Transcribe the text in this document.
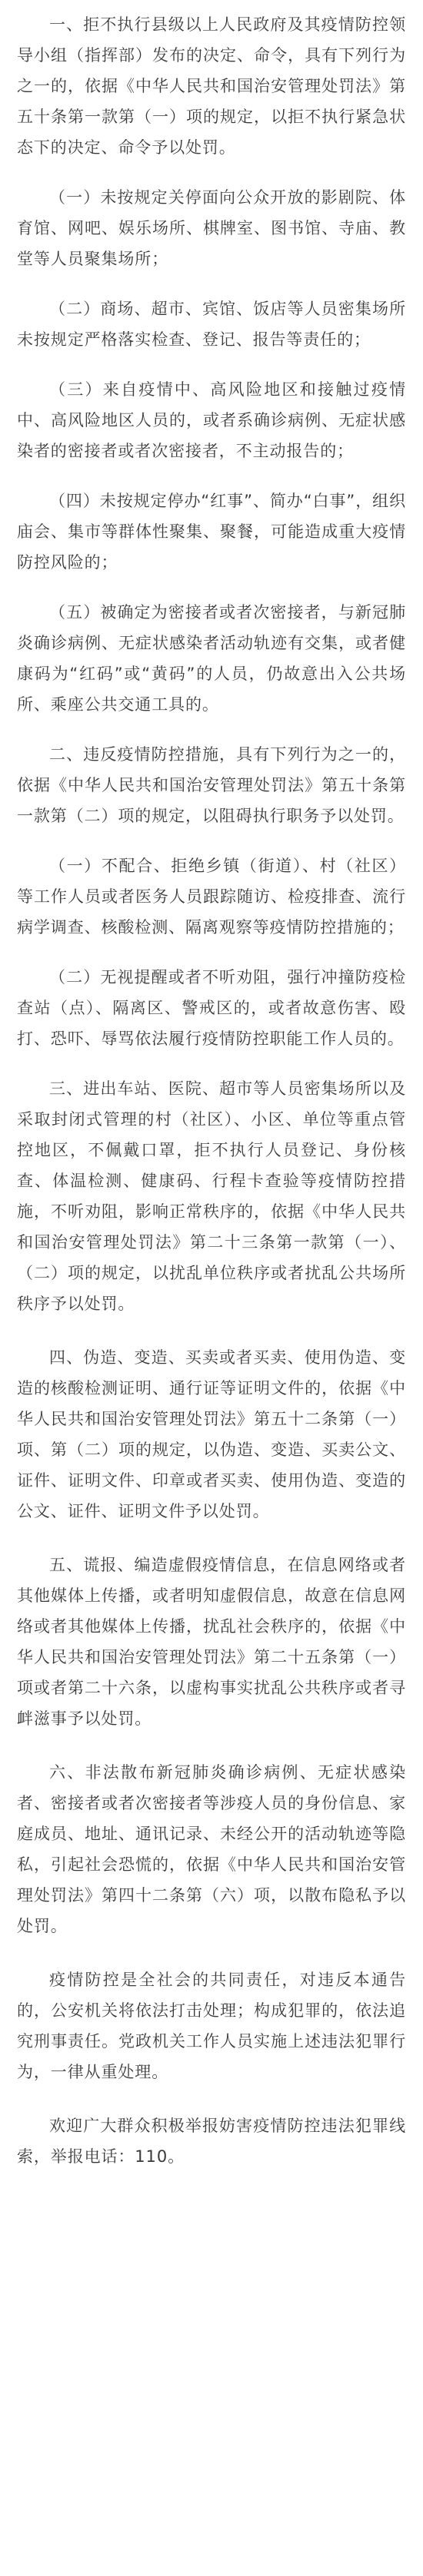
一、拒不执行县级以上人民政府及其疫情防控领导小组（指挥部）发布的决定、命令，具有下列行为之一的，依据《中华人民共和国治安管理处罚法》第五十条第一款第（一）项的规定，以拒不执行紧急状态下的决定、命令予以处罚。

（一）未按规定关停面向公众开放的影剧院、体育馆、网吧、娱乐场所、棋牌室、图书馆、寺庙、教堂等人员聚集场所；

（二）商场、超市、宾馆、饭店等人员密集场所未按规定严格落实检查、登记、报告等责任的；

（三）来自疫情中、高风险地区和接触过疫情中、高风险地区人员的，或者系确诊病例、无症状感染者的密接者或者次密接者，不主动报告的；

（四）未按规定停办“红事”、简办“白事”，组织庙会、集市等群体性聚集、聚餐，可能造成重大疫情防控风险的；

（五）被确定为密接者或者次密接者，与新冠肺炎确诊病例、无症状感染者活动轨迹有交集，或者健康码为“红码”或“黄码”的人员，仍故意出入公共场所、乘座公共交通工具的。

二、违反疫情防控措施，具有下列行为之一的，依据《中华人民共和国治安管理处罚法》第五十条第一款第（二）项的规定，以阻碍执行职务予以处罚。

（一）不配合、拒绝乡镇（街道）、村（社区）等工作人员或者医务人员跟踪随访、检疫排查、流行病学调查、核酸检测、隔离观察等疫情防控措施的；

（二）无视提醒或者不听劝阻，强行冲撞防疫检查站（点）、隔离区、警戒区的，或者故意伤害、殴打、恐吓、辱骂依法履行疫情防控职能工作人员的。

三、进出车站、医院、超市等人员密集场所以及采取封闭式管理的村（社区）、小区、单位等重点管控地区，不佩戴口罩，拒不执行人员登记、身份核查、体温检测、健康码、行程卡查验等疫情防控措施，不听劝阻，影响正常秩序的，依据《中华人民共和国治安管理处罚法》第二十三条第一款第（一）、（二）项的规定，以扰乱单位秩序或者扰乱公共场所秩序予以处罚。

四、伪造、变造、买卖或者买卖、使用伪造、变造的核酸检测证明、通行证等证明文件的，依据《中华人民共和国治安管理处罚法》第五十二条第（一）项、第（二）项的规定，以伪造、变造、买卖公文、证件、证明文件、印章或者买卖、使用伪造、变造的公文、证件、证明文件予以处罚。

五、谎报、编造虚假疫情信息，在信息网络或者其他媒体上传播，或者明知虚假信息，故意在信息网络或者其他媒体上传播，扰乱社会秩序的，依据《中华人民共和国治安管理处罚法》第二十五条第（一）项或者第二十六条，以虚构事实扰乱公共秩序或者寻衅滋事予以处罚。

六、非法散布新冠肺炎确诊病例、无症状感染者、密接者或者次密接者等涉疫人员的身份信息、家庭成员、地址、通讯记录、未经公开的活动轨迹等隐私，引起社会恐慌的，依据《中华人民共和国治安管理处罚法》第四十二条第（六）项，以散布隐私予以处罚。

疫情防控是全社会的共同责任，对违反本通告的，公安机关将依法打击处理；构成犯罪的，依法追究刑事责任。党政机关工作人员实施上述违法犯罪行为，一律从重处理。

欢迎广大群众积极举报妨害疫情防控违法犯罪线索，举报电话：110。
